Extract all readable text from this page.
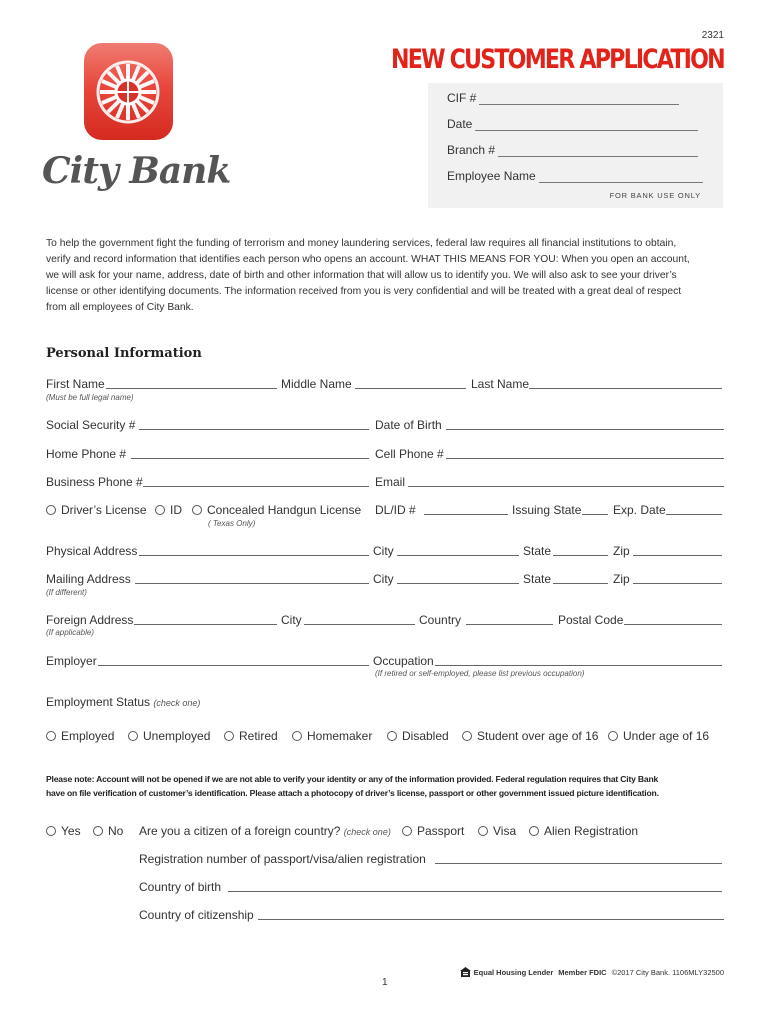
2321
NEW CUSTOMER APPLICATION
City Bank
CIF #
Date
Branch #
Employee Name
FOR BANK USE ONLY
To help the government fight the funding of terrorism and money laundering services, federal law requires all financial institutions to obtain,
verify and record information that identifies each person who opens an account. WHAT THIS MEANS FOR YOU: When you open an account,
we will ask for your name, address, date of birth and other information that will allow us to identify you. We will also ask to see your driver’s
license or other identifying documents. The information received from you is very confidential and will be treated with a great deal of respect
from all employees of City Bank.
Personal Information
First Name	Middle Name	Last Name
(Must be full legal name)
Social Security #	Date of Birth
Home Phone #	Cell Phone #
Business Phone #	Email
Driver’s License ID Concealed Handgun License
( Texas Only)
DL/ID #	Issuing State	Exp. Date
Physical Address	City	State	Zip
Mailing Address	City	State	Zip
(If different)
Foreign Address	City	Country	Postal Code
(If applicable)
Employer	Occupation
(If retired or self-employed, please list previous occupation)
Employment Status (check one)
Employed Unemployed Retired Homemaker Disabled Student over age of 16 Under age of 16
Please note: Account will not be opened if we are not able to verify your identity or any of the information provided. Federal regulation requires that City Bank
have on file verification of customer’s identification. Please attach a photocopy of driver’s license, passport or other government issued picture identification.
Yes No Are you a citizen of a foreign country? (check one) Passport Visa Alien Registration
Registration number of passport/visa/alien registration
Country of birth
Country of citizenship
Equal Housing Lender Member FDIC ©2017 City Bank. 1106MLY32500
1
